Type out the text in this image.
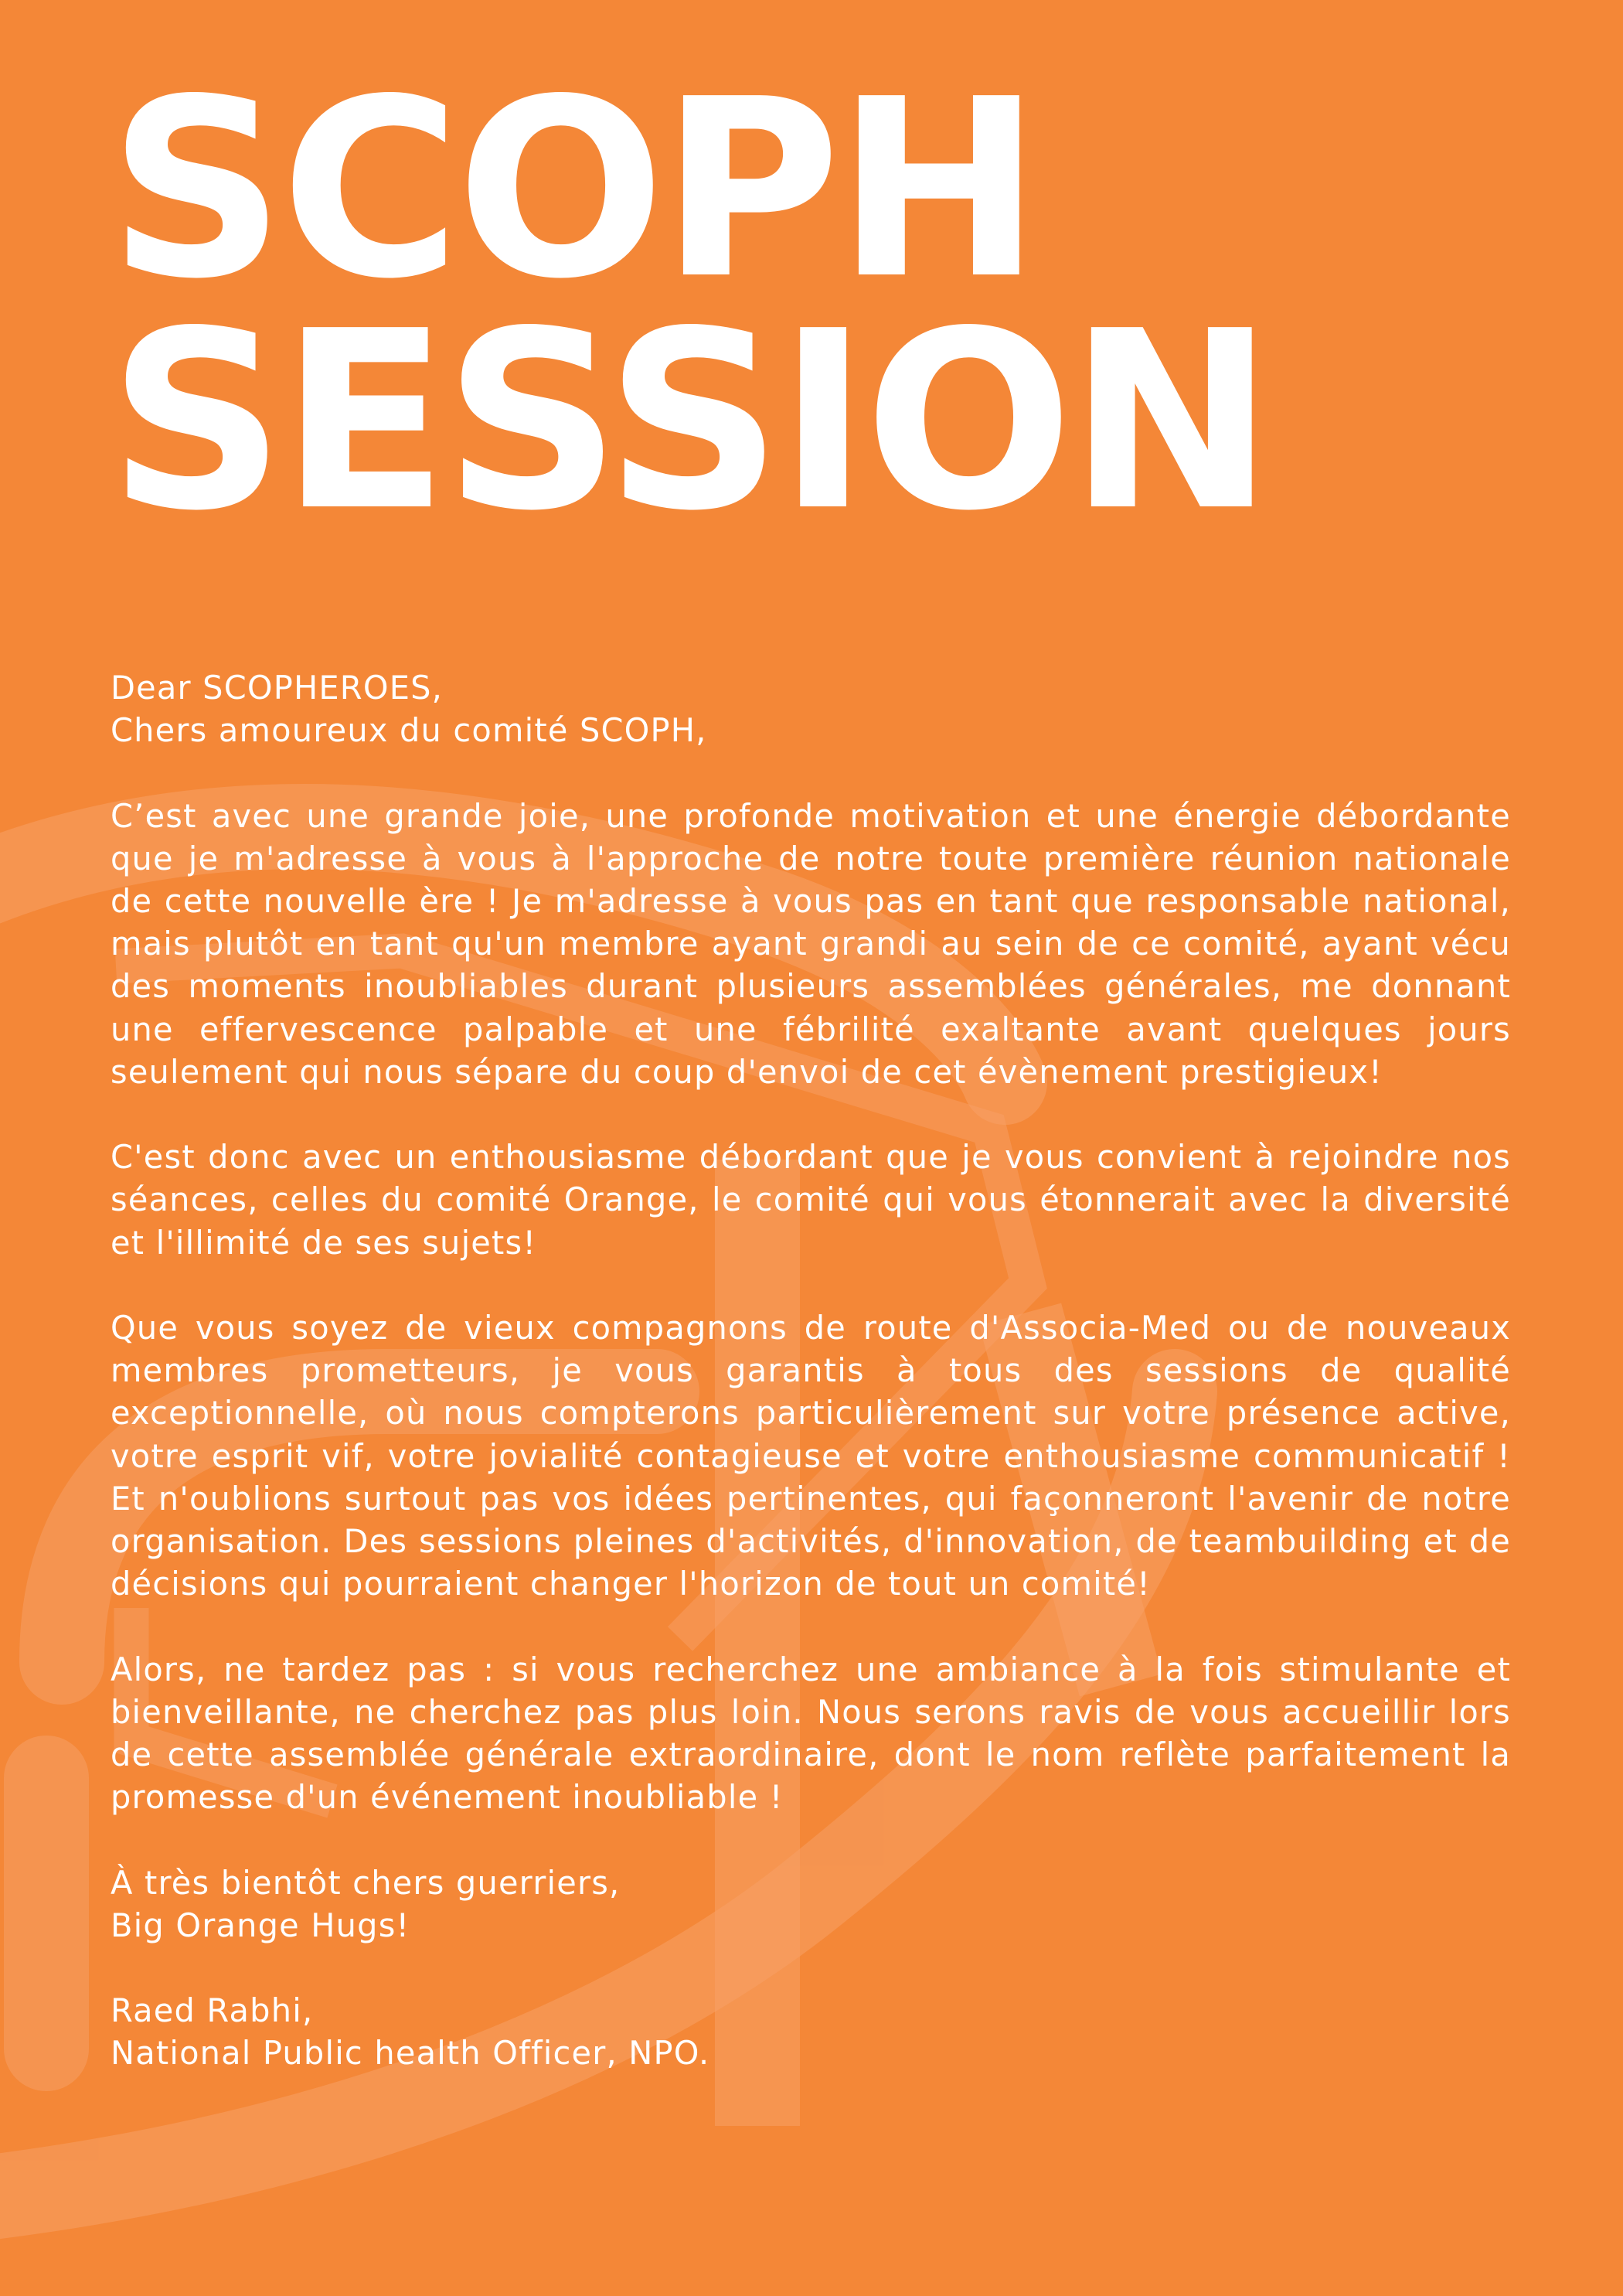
SCOPH
SESSION

Dear SCOPHEROES,
Chers amoureux du comité SCOPH,

C’est avec une grande joie, une profonde motivation et une énergie débordante que je m'adresse à vous à l'approche de notre toute première réunion nationale de cette nouvelle ère ! Je m'adresse à vous pas en tant que responsable national, mais plutôt en tant qu'un membre ayant grandi au sein de ce comité, ayant vécu des moments inoubliables durant plusieurs assemblées générales, me donnant une effervescence palpable et une fébrilité exaltante avant quelques jours seulement qui nous sépare du coup d'envoi de cet évènement prestigieux!

C'est donc avec un enthousiasme débordant que je vous convient à rejoindre nos séances, celles du comité Orange, le comité qui vous étonnerait avec la diversité et l'illimité de ses sujets!

Que vous soyez de vieux compagnons de route d'Associa-Med ou de nouveaux membres prometteurs, je vous garantis à tous des sessions de qualité exceptionnelle, où nous compterons particulièrement sur votre présence active, votre esprit vif, votre jovialité contagieuse et votre enthousiasme communicatif ! Et n'oublions surtout pas vos idées pertinentes, qui façonneront l'avenir de notre organisation. Des sessions pleines d'activités, d'innovation, de teambuilding et de décisions qui pourraient changer l'horizon de tout un comité!

Alors, ne tardez pas : si vous recherchez une ambiance à la fois stimulante et bienveillante, ne cherchez pas plus loin. Nous serons ravis de vous accueillir lors de cette assemblée générale extraordinaire, dont le nom reflète parfaitement la promesse d'un événement inoubliable !

À très bientôt chers guerriers,
Big Orange Hugs!

Raed Rabhi,
National Public health Officer, NPO.
